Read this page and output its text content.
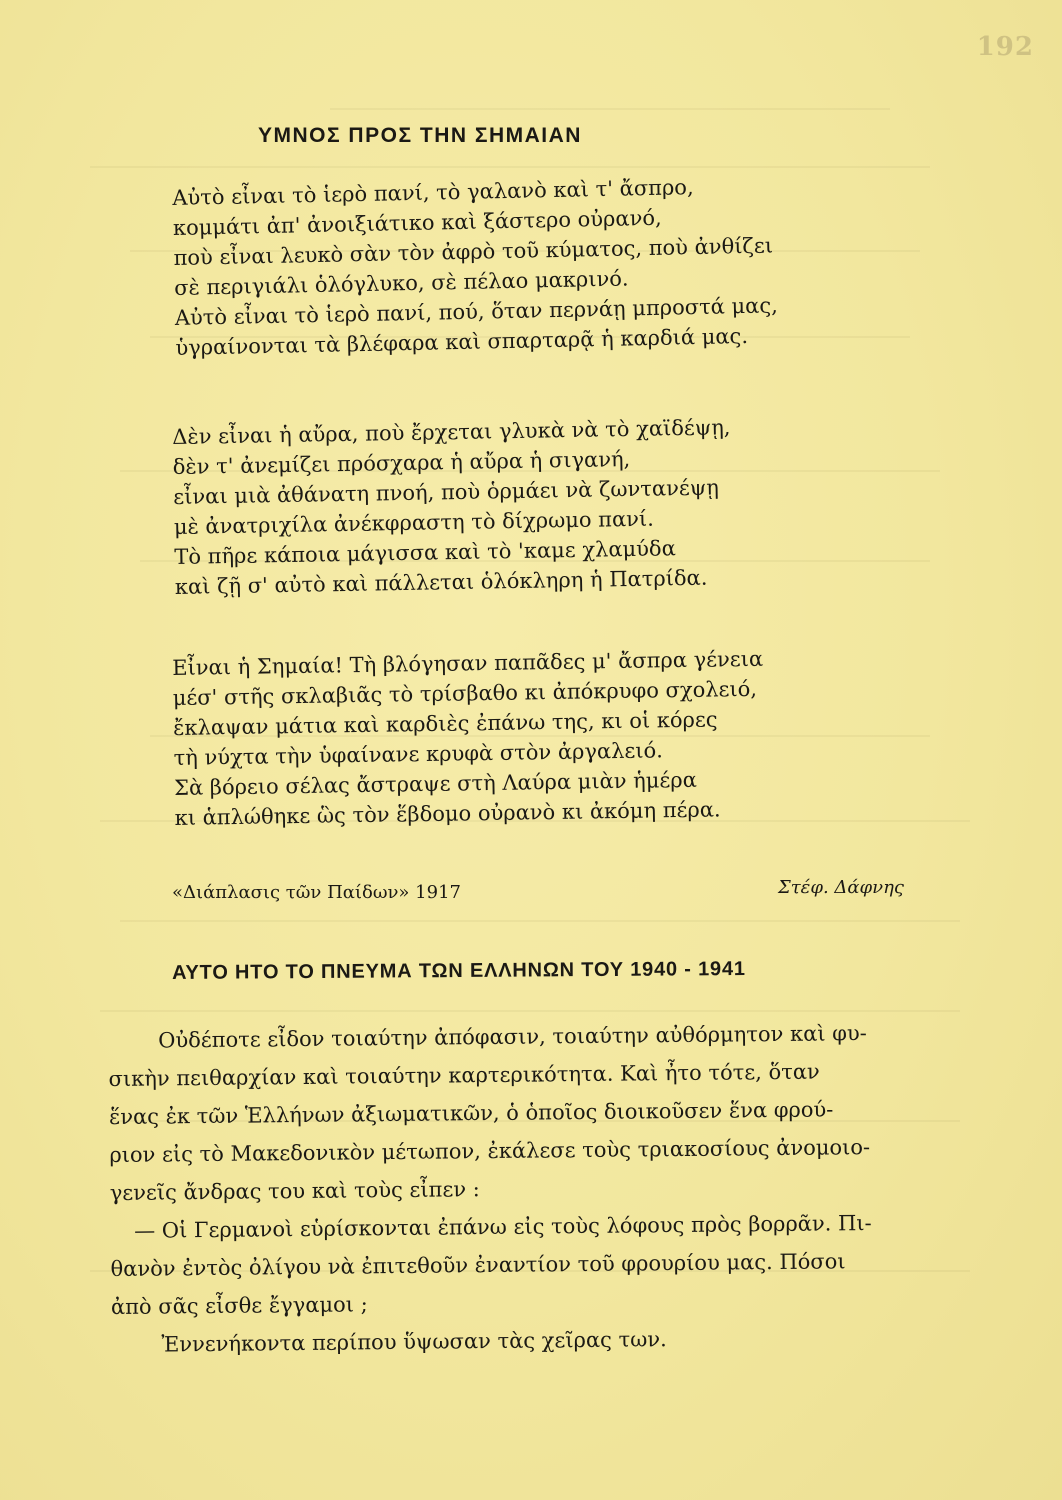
192
ΥΜΝΟΣ ΠΡΟΣ ΤΗΝ ΣΗΜΑΙΑΝ
Αὐτὸ εἶναι τὸ ἱερὸ πανί, τὸ γαλανὸ καὶ τ' ἄσπρο,
κομμάτι ἀπ' ἀνοιξιάτικο καὶ ξάστερο οὐρανό,
ποὺ εἶναι λευκὸ σὰν τὸν ἀφρὸ τοῦ κύματος, ποὺ ἀνθίζει
σὲ περιγιάλι ὁλόγλυκο, σὲ πέλαο μακρινό.
Αὐτὸ εἶναι τὸ ἱερὸ πανί, πού, ὅταν περνάῃ μπροστά μας,
ὑγραίνονται τὰ βλέφαρα καὶ σπαρταρᾷ ἡ καρδιά μας.
Δὲν εἶναι ἡ αὔρα, ποὺ ἔρχεται γλυκὰ νὰ τὸ χαϊδέψῃ,
δὲν τ' ἀνεμίζει πρόσχαρα ἡ αὔρα ἡ σιγανή,
εἶναι μιὰ ἀθάνατη πνοή, ποὺ ὁρμάει νὰ ζωντανέψῃ
μὲ ἀνατριχίλα ἀνέκφραστη τὸ δίχρωμο πανί.
Τὸ πῆρε κάποια μάγισσα καὶ τὸ 'καμε χλαμύδα
καὶ ζῇ σ' αὐτὸ καὶ πάλλεται ὁλόκληρη ἡ Πατρίδα.
Εἶναι ἡ Σημαία! Τὴ βλόγησαν παπᾶδες μ' ἄσπρα γένεια
μέσ' στῆς σκλαβιᾶς τὸ τρίσβαθο κι ἀπόκρυφο σχολειό,
ἔκλαψαν μάτια καὶ καρδιὲς ἐπάνω της, κι οἱ κόρες
τὴ νύχτα τὴν ὑφαίνανε κρυφὰ στὸν ἀργαλειό.
Σὰ βόρειο σέλας ἄστραψε στὴ Λαύρα μιὰν ἡμέρα
κι ἁπλώθηκε ὣς τὸν ἕβδομο οὐρανὸ κι ἀκόμη πέρα.
«Διάπλασις τῶν Παίδων» 1917	Στέφ. Δάφνης
ΑΥΤΟ ΗΤΟ ΤΟ ΠΝΕΥΜΑ ΤΩΝ ΕΛΛΗΝΩΝ ΤΟΥ 1940 - 1941
Οὐδέποτε εἶδον τοιαύτην ἀπόφασιν, τοιαύτην αὐθόρμητον καὶ φυ-
σικὴν πειθαρχίαν καὶ τοιαύτην καρτερικότητα. Καὶ ἦτο τότε, ὅταν
ἕνας ἐκ τῶν Ἑλλήνων ἀξιωματικῶν, ὁ ὁποῖος διοικοῦσεν ἕνα φρού-
ριον εἰς τὸ Μακεδονικὸν μέτωπον, ἐκάλεσε τοὺς τριακοσίους ἀνομοιο-
γενεῖς ἄνδρας του καὶ τοὺς εἶπεν :
— Οἱ Γερμανοὶ εὑρίσκονται ἐπάνω εἰς τοὺς λόφους πρὸς βορρᾶν. Πι-
θανὸν ἐντὸς ὀλίγου νὰ ἐπιτεθοῦν ἐναντίον τοῦ φρουρίου μας. Πόσοι
ἀπὸ σᾶς εἶσθε ἔγγαμοι ;
Ἐννενήκοντα περίπου ὕψωσαν τὰς χεῖρας των.
